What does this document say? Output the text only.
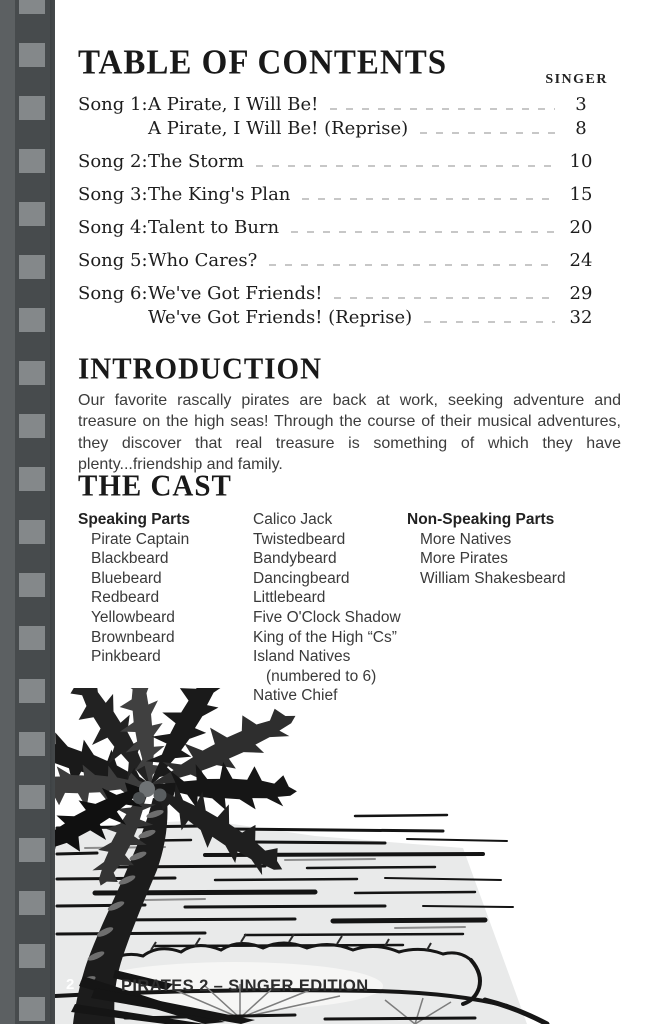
TABLE OF CONTENTS	SINGER
Song 1: A Pirate, I Will Be!	3
A Pirate, I Will Be! (Reprise)	8
Song 2: The Storm	10
Song 3: The King's Plan	15
Song 4: Talent to Burn	20
Song 5: Who Cares?	24
Song 6: We've Got Friends!	29
We've Got Friends! (Reprise)	32
INTRODUCTION
Our favorite rascally pirates are back at work, seeking adventure and treasure on the high seas! Through the course of their musical adventures, they discover that real treasure is something of which they have plenty...friendship and family.
THE CAST
Speaking Parts
Pirate Captain
Blackbeard
Bluebeard
Redbeard
Yellowbeard
Brownbeard
Pinkbeard
Calico Jack
Twistedbeard
Bandybeard
Dancingbeard
Littlebeard
Five O'Clock Shadow
King of the High “Cs”
Island Natives
(numbered to 6)
Native Chief
Non-Speaking Parts
More Natives
More Pirates
William Shakesbeard
2	PIRATES 2 – SINGER EDITION
